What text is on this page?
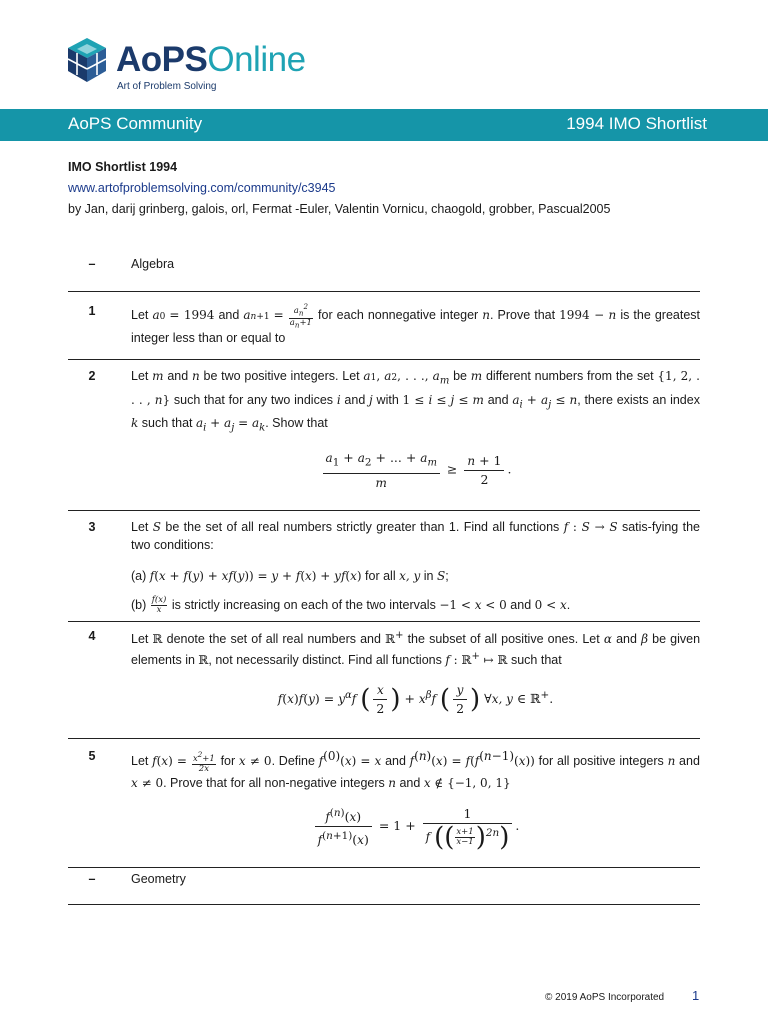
AoPSOnline
Art of Problem Solving
AoPS Community	1994 IMO Shortlist
IMO Shortlist 1994
www.artofproblemsolving.com/community/c3945
by Jan, darij grinberg, galois, orl, Fermat -Euler, Valentin Vornicu, chaogold, grobber, Pascual2005
–	Algebra
1	Let a0 = 1994 and $an+1 = \frac{a_n^2}{a_n+1}$ for each nonnegative integer n. Prove that 1994 − n is the greatest integer less than or equal to
2	Let m and n be two positive integers. Let a1, a2, . . ., $a_m$ be m different numbers from the set {1, 2, . . . , n} such that for any two indices i and j with 1 ≤ i ≤ j ≤ m and $a_i + a_j \le n$, there exists an index k such that $a_i + a_j = a_k$. Show that
$\frac{a_1 + a_2 + ... + a_m}{m} \ge \frac{n + 1}{2}$ .
3	Let S be the set of all real numbers strictly greater than 1. Find all functions f : S → S satis-fying the two conditions:
(a) f(x + f(y) + xf(y)) = y + f(x) + yf(x) for all x, y in S;
$(b) \frac{f(x)}{x}$ is strictly increasing on each of the two intervals −1 < x < 0 and 0 < x.
4	Let ℝ denote the set of all real numbers and ℝ+ the subset of all positive ones. Let α and β be given elements in ℝ, not necessarily distinct. Find all functions f : ℝ+ ↦ ℝ such that
$f(x)f(y) = y^\alpha f$ ( $\frac{x}{2}$ ) + $x^\beta f$ ( $\frac{y}{2}$ ) ∀x, y ∈ ℝ+.
5	Let $f(x) = \frac{x^2+1}{2x}$ for x ≠ 0. Define $f^{(0)}(x) = x$ and $f^{(n)}(x) = f(f^{(n-1)}(x))$ for all positive integers n and x ≠ 0. Prove that for all non-negative integers n and x ∉ {−1, 0, 1}
$\frac{f^{(n)}(x)}{f^{(n+1)}(x)} = 1 + \frac{1}{f (( \frac{x+1}{x-1} )^{2n})}$ .
–	Geometry
© 2019 AoPS Incorporated 1
